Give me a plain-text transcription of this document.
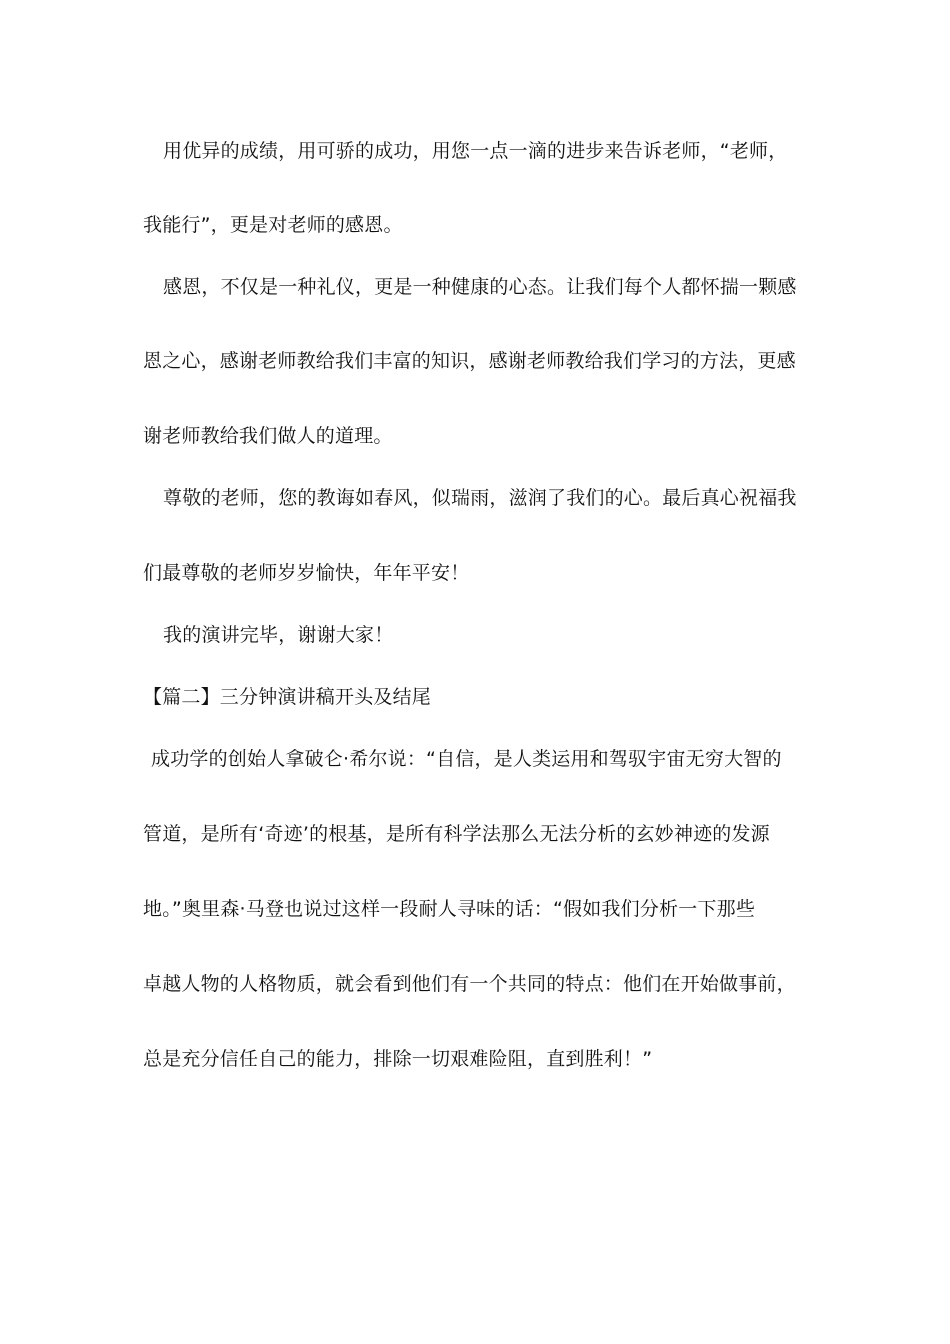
用优异的成绩，用可骄的成功，用您一点一滴的进步来告诉老师，“老师，
我能行”，更是对老师的感恩。
感恩，不仅是一种礼仪，更是一种健康的心态。让我们每个人都怀揣一颗感
恩之心，感谢老师教给我们丰富的知识，感谢老师教给我们学习的方法，更感
谢老师教给我们做人的道理。
尊敬的老师，您的教诲如春风，似瑞雨，滋润了我们的心。最后真心祝福我
们最尊敬的老师岁岁愉快，年年平安！
我的演讲完毕，谢谢大家！
【篇二】三分钟演讲稿开头及结尾
成功学的创始人拿破仑·希尔说：“自信，是人类运用和驾驭宇宙无穷大智的
管道，是所有‘奇迹’的根基，是所有科学法那么无法分析的玄妙神迹的发源
地。”奥里森·马登也说过这样一段耐人寻味的话：“假如我们分析一下那些
卓越人物的人格物质，就会看到他们有一个共同的特点：他们在开始做事前，
总是充分信任自己的能力，排除一切艰难险阻，直到胜利！”
